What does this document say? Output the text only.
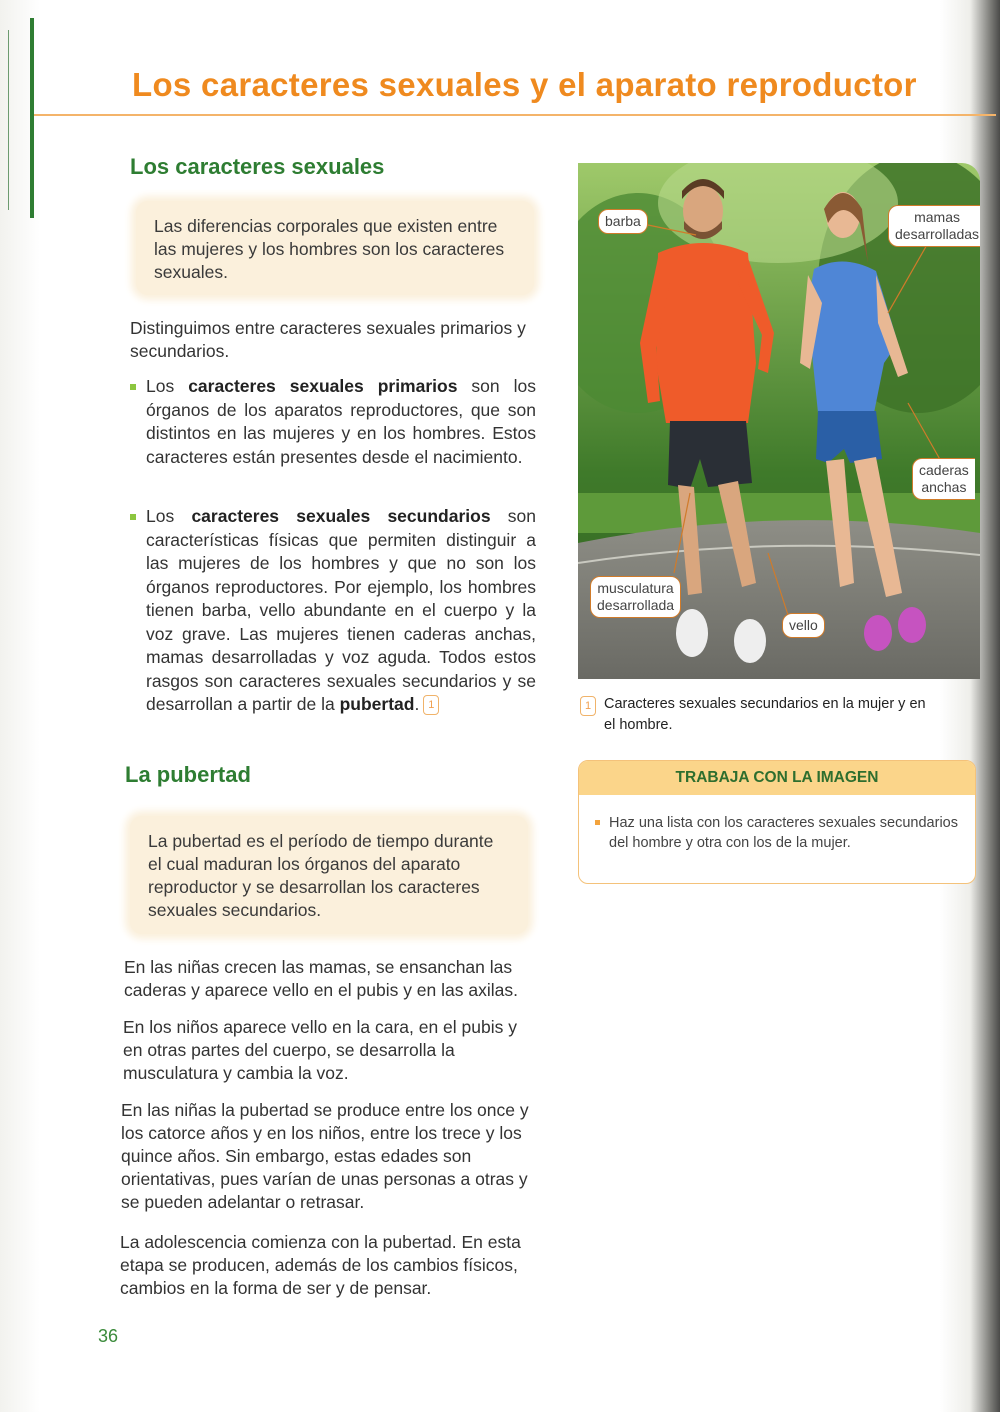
Los caracteres sexuales y el aparato reproductor
Los caracteres sexuales
Las diferencias corporales que existen entre las mujeres y los hombres son los caracteres sexuales.
Distinguimos entre caracteres sexuales primarios y secundarios.
Los caracteres sexuales primarios son los órganos de los aparatos reproductores, que son distintos en las mujeres y en los hombres. Estos caracteres están presentes desde el nacimiento.
Los caracteres sexuales secundarios son características físicas que permiten distinguir a las mujeres de los hombres y que no son los órganos reproductores. Por ejemplo, los hombres tienen barba, vello abundante en el cuerpo y la voz grave. Las mujeres tienen caderas anchas, mamas desarrolladas y voz aguda. Todos estos rasgos son caracteres sexuales secundarios y se desarrollan a partir de la pubertad. 1
La pubertad
La pubertad es el período de tiempo durante el cual maduran los órganos del aparato reproductor y se desarrollan los caracteres sexuales secundarios.
En las niñas crecen las mamas, se ensanchan las caderas y aparece vello en el pubis y en las axilas.
En los niños aparece vello en la cara, en el pubis y en otras partes del cuerpo, se desarrolla la musculatura y cambia la voz.
En las niñas la pubertad se produce entre los once y los catorce años y en los niños, entre los trece y los quince años. Sin embargo, estas edades son orientativas, pues varían de unas personas a otras y se pueden adelantar o retrasar.
La adolescencia comienza con la pubertad. En esta etapa se producen, además de los cambios físicos, cambios en la forma de ser y de pensar.
barba	mamas
desarrolladas
caderas
anchas
musculatura
desarrollada
vello
1 Caracteres sexuales secundarios en la mujer y en el hombre.
TRABAJA CON LA IMAGEN
Haz una lista con los caracteres sexuales secundarios del hombre y otra con los de la mujer.
36
